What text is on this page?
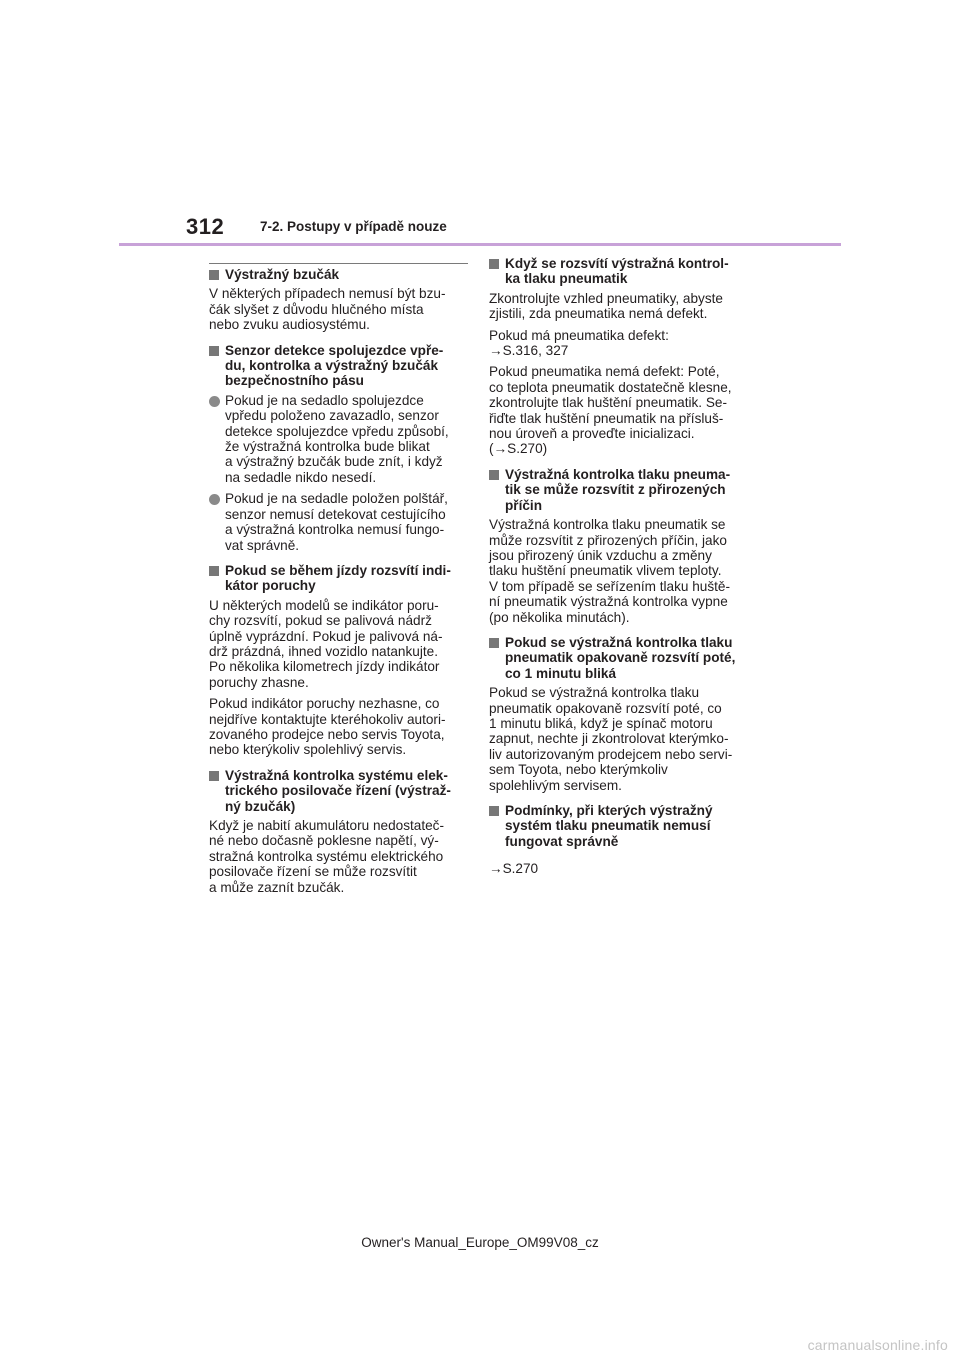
312	7-2. Postupy v případě nouze
Výstražný bzučák
V některých případech nemusí být bzu-
čák slyšet z důvodu hlučného místa
nebo zvuku audiosystému.
Senzor detekce spolujezdce vpře-
du, kontrolka a výstražný bzučák
bezpečnostního pásu
Pokud je na sedadlo spolujezdce
vpředu položeno zavazadlo, senzor
detekce spolujezdce vpředu způsobí,
že výstražná kontrolka bude blikat
a výstražný bzučák bude znít, i když
na sedadle nikdo nesedí.
Pokud je na sedadle položen polštář,
senzor nemusí detekovat cestujícího
a výstražná kontrolka nemusí fungo-
vat správně.
Pokud se během jízdy rozsvítí indi-
kátor poruchy
U některých modelů se indikátor poru-
chy rozsvítí, pokud se palivová nádrž
úplně vyprázdní. Pokud je palivová ná-
drž prázdná, ihned vozidlo natankujte.
Po několika kilometrech jízdy indikátor
poruchy zhasne.
Pokud indikátor poruchy nezhasne, co
nejdříve kontaktujte kteréhokoliv autori-
zovaného prodejce nebo servis Toyota,
nebo kterýkoliv spolehlivý servis.
Výstražná kontrolka systému elek-
trického posilovače řízení (výstraž-
ný bzučák)
Když je nabití akumulátoru nedostateč-
né nebo dočasně poklesne napětí, vý-
stražná kontrolka systému elektrického
posilovače řízení se může rozsvítit
a může zaznít bzučák.
Když se rozsvítí výstražná kontrol-
ka tlaku pneumatik
Zkontrolujte vzhled pneumatiky, abyste
zjistili, zda pneumatika nemá defekt.
Pokud má pneumatika defekt:
→S.316, 327
Pokud pneumatika nemá defekt: Poté,
co teplota pneumatik dostatečně klesne,
zkontrolujte tlak huštění pneumatik. Se-
řiďte tlak huštění pneumatik na přísluš-
nou úroveň a proveďte inicializaci.
(→S.270)
Výstražná kontrolka tlaku pneuma-
tik se může rozsvítit z přirozených
příčin
Výstražná kontrolka tlaku pneumatik se
může rozsvítit z přirozených příčin, jako
jsou přirozený únik vzduchu a změny
tlaku huštění pneumatik vlivem teploty.
V tom případě se seřízením tlaku huště-
ní pneumatik výstražná kontrolka vypne
(po několika minutách).
Pokud se výstražná kontrolka tlaku
pneumatik opakovaně rozsvítí poté,
co 1 minutu bliká
Pokud se výstražná kontrolka tlaku
pneumatik opakovaně rozsvítí poté, co
1 minutu bliká, když je spínač motoru
zapnut, nechte ji zkontrolovat kterýmko-
liv autorizovaným prodejcem nebo servi-
sem Toyota, nebo kterýmkoliv
spolehlivým servisem.
Podmínky, při kterých výstražný
systém tlaku pneumatik nemusí
fungovat správně
→S.270
Owner's Manual_Europe_OM99V08_cz
carmanualsonline.info
